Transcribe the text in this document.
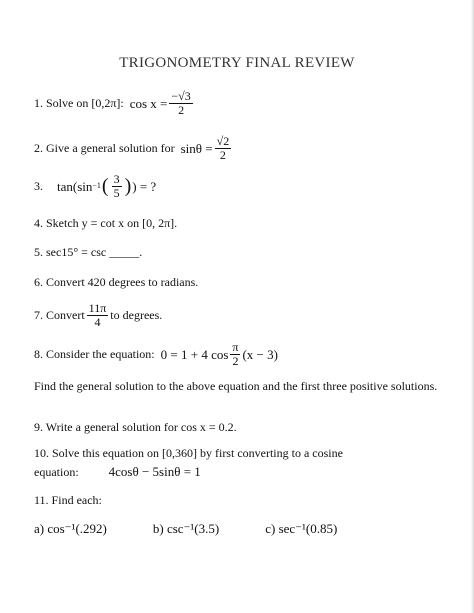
TRIGONOMETRY FINAL REVIEW
1. Solve on [0,2π]: $\cos x = \frac{-√3}{2}$
2. Give a general solution for $\sin\theta = \frac{√2}{2}$
3. tan(sin −1 ( $\frac{3}{5}$ ) ) = ?
4. Sketch y = cot x on [0, 2π].
5. sec15° = csc _____.
6. Convert 420 degrees to radians.
7. Convert $\frac{11\pi}{4}$ to degrees.
8. Consider the equation: 0 = 1 + 4 $\cos \frac{\pi}{2} (x - 3)$
Find the general solution to the above equation and the first three positive solutions.
9. Write a general solution for cos x = 0.2.
10. Solve this equation on [0,360] by first converting to a cosine
equation: 4cosθ − 5sinθ = 1
11. Find each:
a) cos⁻¹(.292)	b) csc⁻¹(3.5)	c) sec⁻¹(0.85)
